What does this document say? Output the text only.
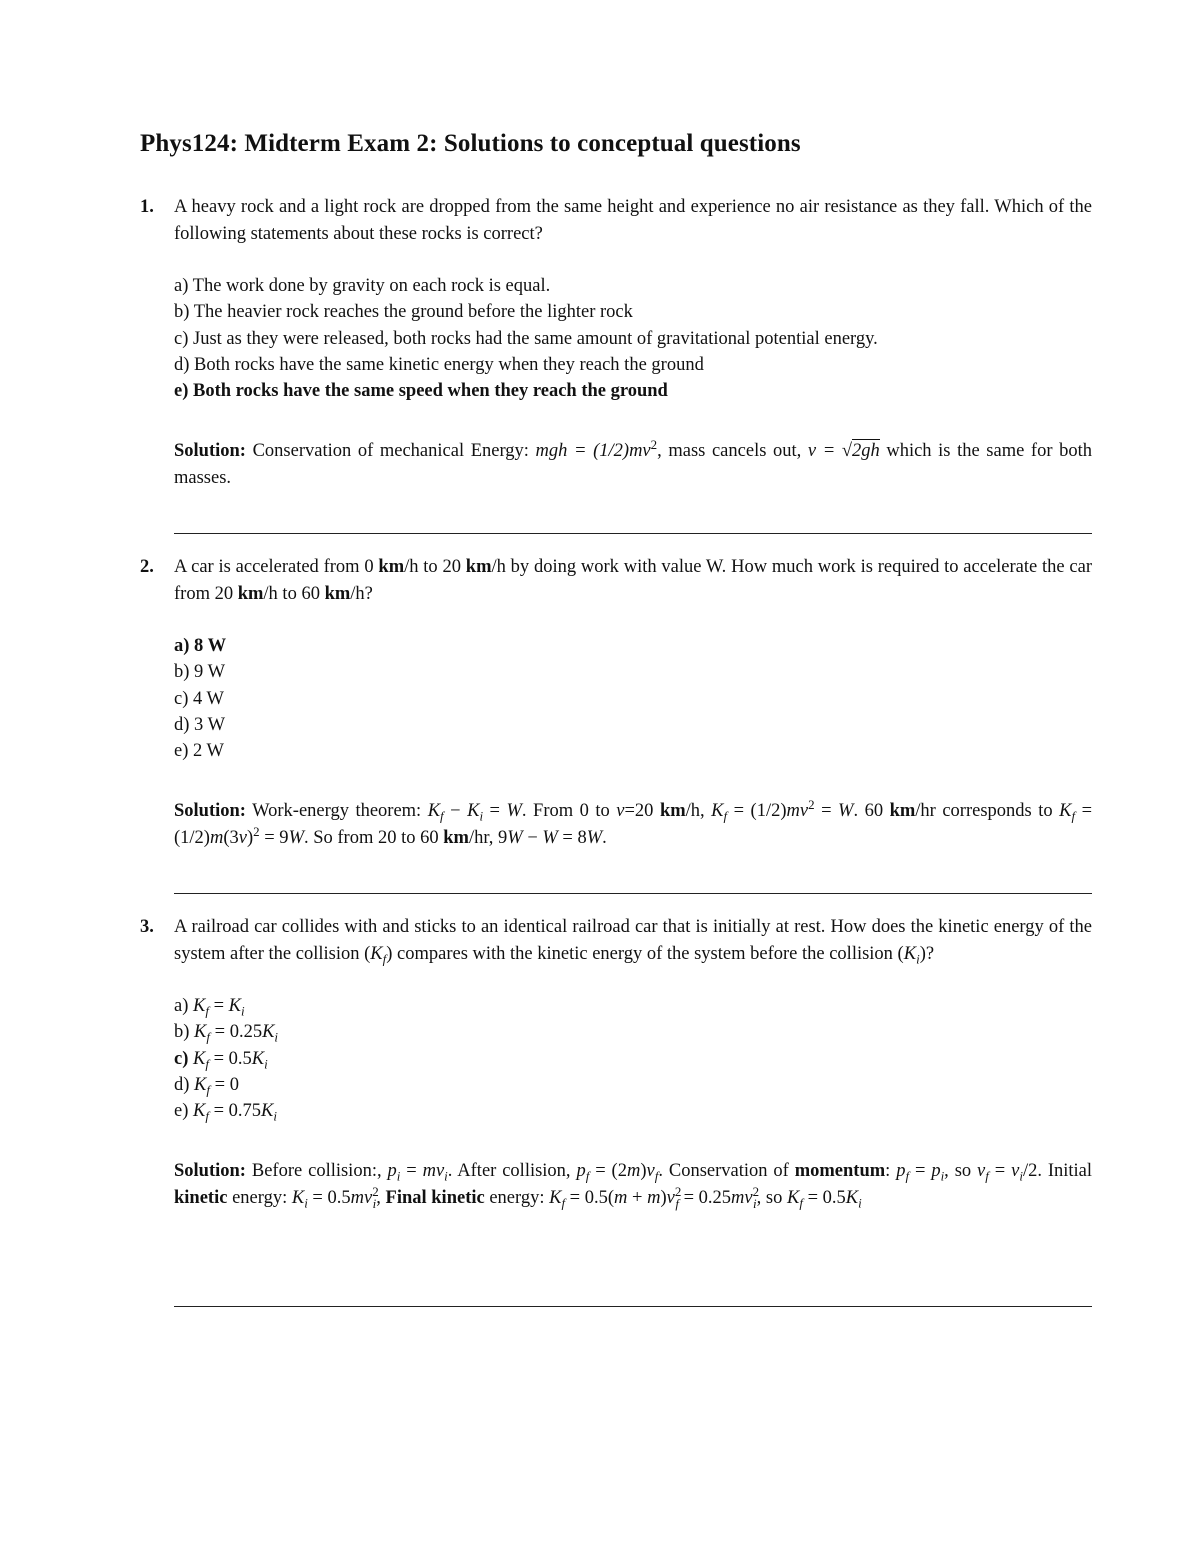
Phys124: Midterm Exam 2: Solutions to conceptual questions
1. A heavy rock and a light rock are dropped from the same height and experience no air resistance as they fall. Which of the following statements about these rocks is correct?
a) The work done by gravity on each rock is equal.
b) The heavier rock reaches the ground before the lighter rock
c) Just as they were released, both rocks had the same amount of gravitational potential energy.
d) Both rocks have the same kinetic energy when they reach the ground
e) Both rocks have the same speed when they reach the ground
Solution: Conservation of mechanical Energy: mgh = $(1/2)mv^2$, mass cancels out, v = √2gh which is the same for both masses.
2. A car is accelerated from 0 km/h to 20 km/h by doing work with value W. How much work is required to accelerate the car from 20 km/h to 60 km/h?
a) 8 W
b) 9 W
c) 4 W
d) 3 W
e) 2 W
Solution: Work-energy theorem: $K_f - K_i = W$. From 0 to v=20 km/h, $K_f = (1/2)mv^2 = W$. 60 km/hr corresponds to $K_f = (1/2)m(3v)^2 = 9W$. So from 20 to 60 km/hr, 9W − W = 8W.
3. A railroad car collides with and sticks to an identical railroad car that is initially at rest. How does the kinetic energy of the system after the collision $(K_f)$ compares with the kinetic energy of the system before the collision $(K_i)$?
a) $K_f = K_i$
b) $K_f = 0.25K_i$
c) $K_f = 0.5K_i$
d) $K_f = 0$
e) $K_f = 0.75K_i$
Solution: Before collision:, $p_i = mv_i$. After collision, $p_f = (2m)v_f$. Conservation of momentum: $p_f = p_i$, so $v_f = v_i/2$. Initial kinetic energy: $K_i = 0.5mv^2_i$, Final kinetic energy: $K_f = 0.5(m + m)v^2_f = 0.25mv^2_i$, so $K_f = 0.5K_i$
